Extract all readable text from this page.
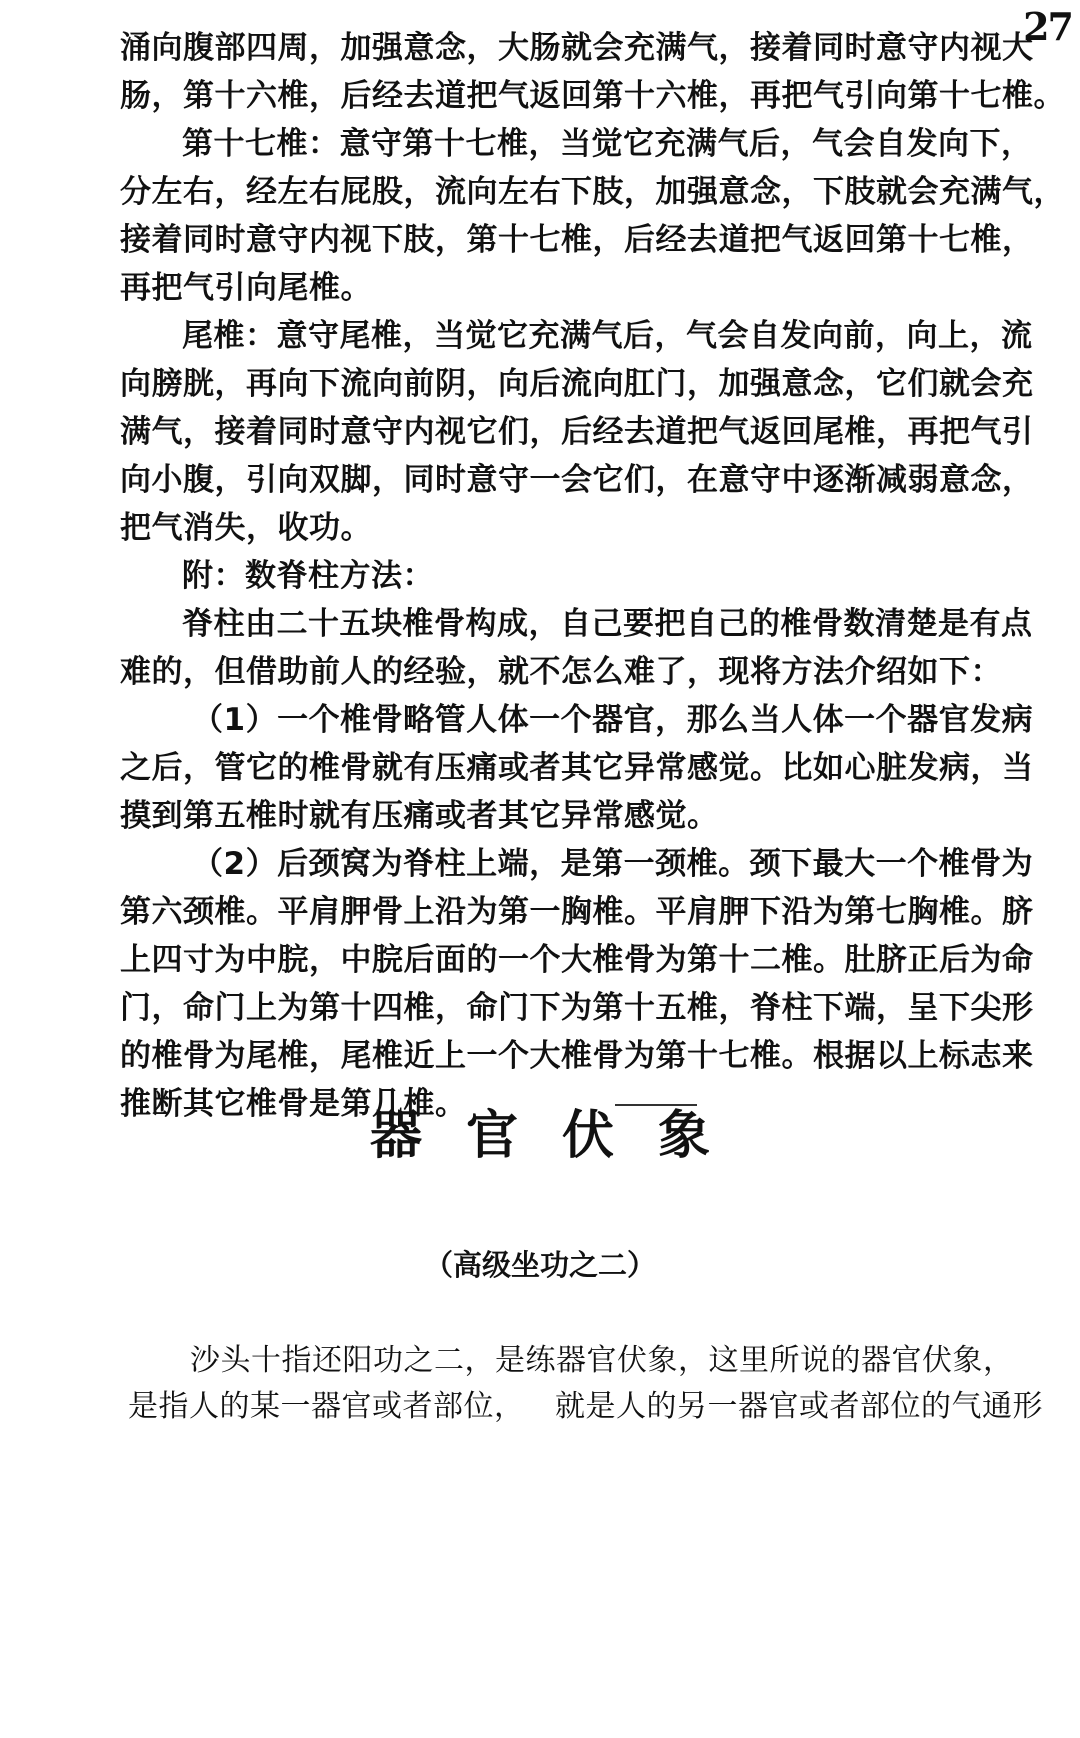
27
涌向腹部四周，加强意念，大肠就会充满气， 接着同时意守内视大
肠，第十六椎，后经去道把气返回第十六椎， 再把气引向第十七椎。
第十七椎：意守第十七椎，当觉它充满气后， 气会自发向下，
分左右，经左右屁股，流向左右下肢，加强意念，下肢就会充满气，
接着同时意守内视下肢，第十七椎， 后经去道把气返回第十七椎，
再把气引向尾椎。
尾椎：意守尾椎，当觉它充满气后，气会自发向前，向上， 流
向膀胱，再向下流向前阴，向后流向肛门，加强意念， 它们就会充
满气，接着同时意守内视它们，后经去道把气返回尾椎， 再把气引
向小腹，引向双脚，同时意守一会它们， 在意守中逐渐减弱意念，
把气消失，收功。
附：数脊柱方法：
脊柱由二十五块椎骨构成， 自己要把自己的椎骨数清楚是有点
难的，但借助前人的经验，就不怎么难了，现将方法介绍如下：
（1）一个椎骨略管人体一个器官， 那么当人体一个器官发病
之后，管它的椎骨就有压痛或者其它异常感觉。比如心脏发病， 当
摸到第五椎时就有压痛或者其它异常感觉。
（2）后颈窝为脊柱上端，是第一颈椎。 颈下最大一个椎骨为
第六颈椎。平肩胛骨上沿为第一胸椎。平肩胛下沿为第七胸椎。 脐
上四寸为中脘，中脘后面的一个大椎骨为第十二椎。 肚脐正后为命
门，命门上为第十四椎，命门下为第十五椎，脊柱下端， 呈下尖形
的椎骨为尾椎，尾椎近上一个大椎骨为第十七椎。 根据以上标志来
推断其它椎骨是第几椎。
器官伏象
（高级坐功之二）
沙头十指还阳功之二，是练器官伏象，这里所说的器官伏象，
是指人的某一器官或者部位， 就是人的另一器官或者部位的气通形
